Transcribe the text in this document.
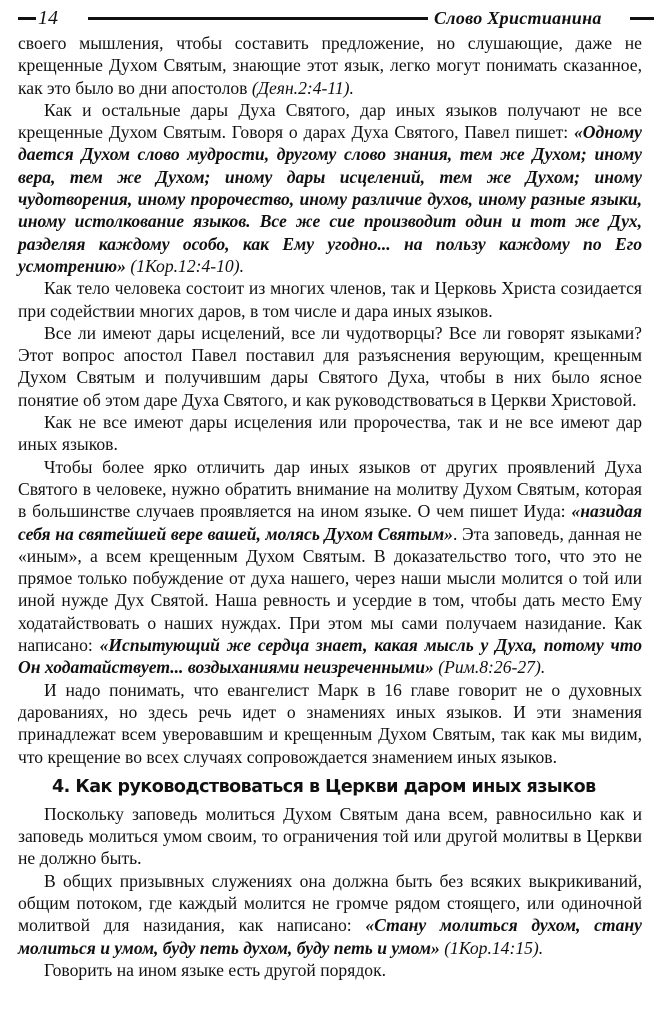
14	Слово Христианина

своего мышления, чтобы составить предложение, но слушающие, даже не крещенные Духом Святым, знающие этот язык, легко могут понимать сказанное, как это было во дни апостолов (Деян.2:4-11).

Как и остальные дары Духа Святого, дар иных языков получают не все крещенные Духом Святым. Говоря о дарах Духа Святого, Павел пишет: «Одному дается Духом слово мудрости, другому слово знания, тем же Духом; иному вера, тем же Духом; иному дары исцелений, тем же Духом; иному чудотворения, иному пророчество, иному различие духов, иному разные языки, иному истолкование языков. Все же сие производит один и тот же Дух, разделяя каждому особо, как Ему угодно... на пользу каждому по Его усмотрению» (1Кор.12:4-10).

Как тело человека состоит из многих членов, так и Церковь Христа созидается при содействии многих даров, в том числе и дара иных языков.

Все ли имеют дары исцелений, все ли чудотворцы? Все ли говорят языками? Этот вопрос апостол Павел поставил для разъяснения верующим, крещенным Духом Святым и получившим дары Святого Духа, чтобы в них было ясное понятие об этом даре Духа Святого, и как руководствоваться в Церкви Христовой.

Как не все имеют дары исцеления или пророчества, так и не все имеют дар иных языков.

Чтобы более ярко отличить дар иных языков от других проявлений Духа Святого в человеке, нужно обратить внимание на молитву Духом Святым, которая в большинстве случаев проявляется на ином языке. О чем пишет Иуда: «назидая себя на святейшей вере вашей, молясь Духом Святым». Эта заповедь, данная не «иным», а всем крещенным Духом Святым. В доказательство того, что это не прямое только побуждение от духа нашего, через наши мысли молится о той или иной нужде Дух Святой. Наша ревность и усердие в том, чтобы дать место Ему ходатайствовать о наших нуждах. При этом мы сами получаем назидание. Как написано: «Испытующий же сердца знает, какая мысль у Духа, потому что Он ходатайствует... воздыханиями неизреченными» (Рим.8:26-27).

И надо понимать, что евангелист Марк в 16 главе говорит не о духовных дарованиях, но здесь речь идет о знамениях иных языков. И эти знамения принадлежат всем уверовавшим и крещенным Духом Святым, так как мы видим, что крещение во всех случаях сопровождается знамением иных языков.

4. Как руководствоваться в Церкви даром иных языков

Поскольку заповедь молиться Духом Святым дана всем, равносильно как и заповедь молиться умом своим, то ограничения той или другой молитвы в Церкви не должно быть.

В общих призывных служениях она должна быть без всяких выкрикиваний, общим потоком, где каждый молится не громче рядом стоящего, или одиночной молитвой для назидания, как написано: «Стану молиться духом, стану молиться и умом, буду петь духом, буду петь и умом» (1Кор.14:15).

Говорить на ином языке есть другой порядок.
